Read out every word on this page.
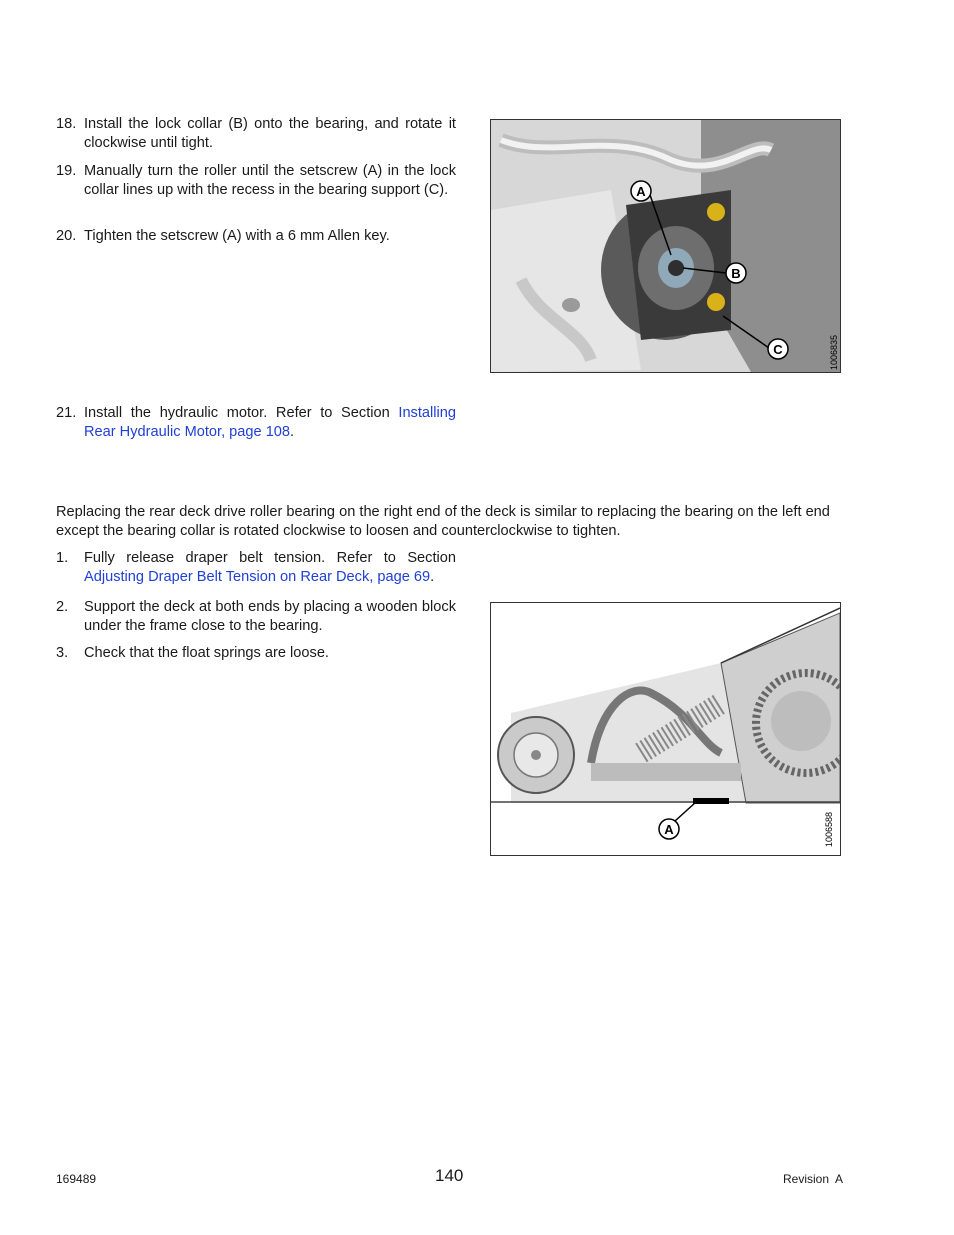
18. Install the lock collar (B) onto the bearing, and rotate it clockwise until tight.
19. Manually turn the roller until the setscrew (A) in the lock collar lines up with the recess in the bearing support (C).
20. Tighten the setscrew (A) with a 6 mm Allen key.
A
B
C	1006835
21. Install the hydraulic motor. Refer to Section Installing Rear Hydraulic Motor, page 108.
Replacing the rear deck drive roller bearing on the right end of the deck is similar to replacing the bearing on the left end except the bearing collar is rotated clockwise to loosen and counterclockwise to tighten.
1. Fully release draper belt tension. Refer to Section Adjusting Draper Belt Tension on Rear Deck, page 69.
2. Support the deck at both ends by placing a wooden block under the frame close to the bearing.
3. Check that the float springs are loose.
A	1006588
169489	140	Revision  A
